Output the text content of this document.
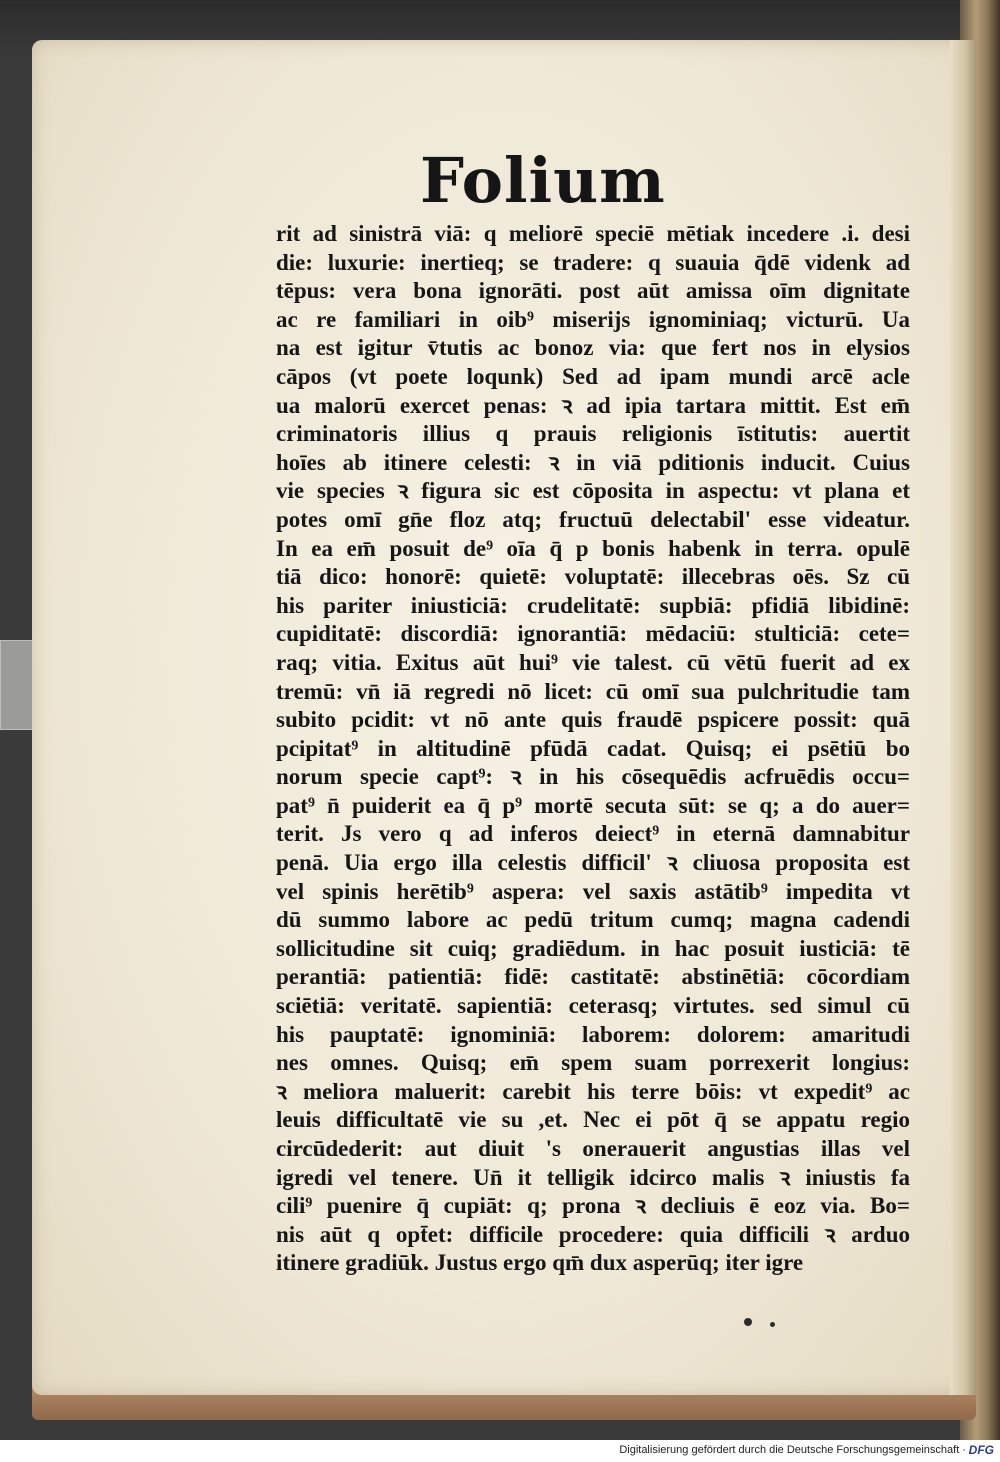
Folium
rit ad sinistrā viā: q meliorē speciē mētiak incedere .i. desi
die: luxurie: inertieq; se tradere: q suauia q̄dē videnk ad
tēpus: vera bona ignorāti. post aūt amissa oīm dignitate
ac re familiari in oib⁹ miserijs ignominiaq; victurū. Ua
na est igitur v̄tutis ac bonoz via: que fert nos in elysios
cāpos (vt poete loqunk) Sed ad ipam mundi arcē acle
ua malorū exercet penas: ꝛ ad ipia tartara mittit. Est em̄
criminatoris illius q prauis religionis īstitutis: auertit
hoīes ab itinere celesti: ꝛ in viā pditionis inducit. Cuius
vie species ꝛ figura sic est cōposita in aspectu: vt plana et
potes omī gn̄e floz atq; fructuū delectabil' esse videatur.
In ea em̄ posuit de⁹ oīa q̄ p bonis habenk in terra. opulē
tiā dico: honorē: quietē: voluptatē: illecebras oēs. Sz cū
his pariter iniusticiā: crudelitatē: supbiā: pfidiā libidinē:
cupiditatē: discordiā: ignorantiā: mēdaciū: stulticiā: cete=
raq; vitia. Exitus aūt hui⁹ vie talest. cū vētū fuerit ad ex
tremū: vn̄ iā regredi nō licet: cū omī sua pulchritudie tam
subito pcidit: vt nō ante quis fraudē pspicere possit: quā
pcipitat⁹ in altitudinē pfūdā cadat. Quisq; ei psētiū bo
norum specie capt⁹: ꝛ in his cōsequēdis acfruēdis occu=
pat⁹ n̄ puiderit ea q̄ p⁹ mortē secuta sūt: se q; a do auer=
terit. Js vero q ad inferos deiect⁹ in eternā damnabitur
penā. Uia ergo illa celestis difficil' ꝛ cliuosa proposita est
vel spinis herētib⁹ aspera: vel saxis astātib⁹ impedita vt
dū summo labore ac pedū tritum cumq; magna cadendi
sollicitudine sit cuiq; gradiēdum. in hac posuit iusticiā: tē
perantiā: patientiā: fidē: castitatē: abstinētiā: cōcordiam
sciētiā: veritatē. sapientiā: ceterasq; virtutes. sed simul cū
his pauptatē: ignominiā: laborem: dolorem: amaritudi
nes omnes. Quisq; em̄ spem suam porrexerit longius:
ꝛ meliora maluerit: carebit his terre bōis: vt expedit⁹ ac
leuis difficultatē vie su ,et. Nec ei pōt q̄ se appatu regio
circūdederit: aut diuit 's onerauerit angustias illas vel
igredi vel tenere. Un̄ it telligik idcirco malis ꝛ iniustis fa
cili⁹ puenire q̄ cupiāt: q; prona ꝛ decliuis ē eoz via. Bo=
nis aūt q opt̄et: difficile procedere: quia difficili ꝛ arduo
itinere gradiūk. Justus ergo qm̄ dux asperūq; iter igre
Digitalisierung gefördert durch die Deutsche Forschungsgemeinschaft · DFG
